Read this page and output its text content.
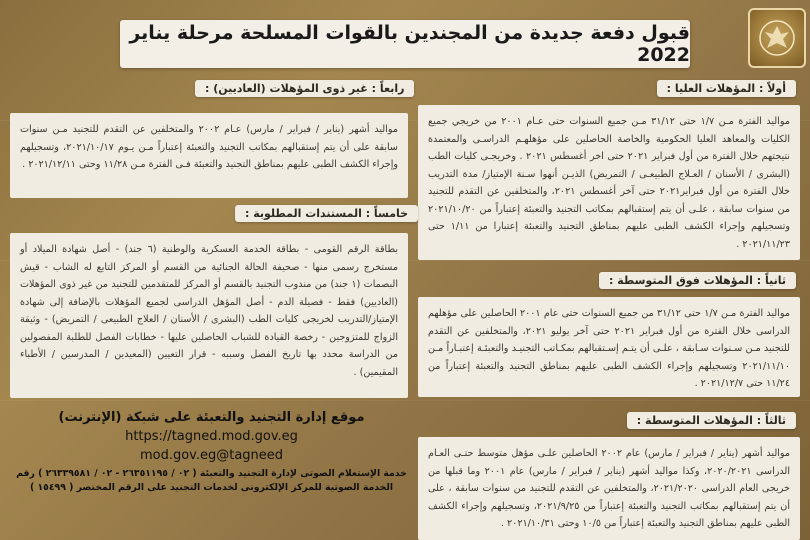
قبول دفعة جديدة من المجندين بالقوات المسلحة مرحلة يناير 2022
أولاً : المؤهلات العليا :
مواليد الفترة مـن ١/٧ حتى ٣١/١٢ مـن جميع السنوات حتى عـام ٢٠٠١ من خريجي جميع الكليات والمعاهد العليا الحكومية والخاصة الحاصلين على مؤهلهـم الدراسـى والمعتمدة نتيجتهم خلال الفترة من أول فبراير ٢٠٢١ حتى اخر أغسطس ٢٠٢١ . وخريجـى كليات الطب (البشرى / الأسنان / العـلاج الطبيعـى / التمريض) الذيـن أنهوا سـنة الإمتياز/ مدة التدريب خلال الفترة من أول فبراير٢٠٢١ حتى آخر أغسطس ٢٠٢١، والمتخلفين عن التقدم للتجنيد من سنوات سابقة ، علـى أن يتم إستقبالهم بمكاتب التجنيد والتعبئة إعتباراً من ٢٠٢١/١٠/٢٠ وتسجيلهم وإجراء الكشف الطبى عليهم بمناطق التجنيد والتعبئة إعتبارا من ١/١١ حتى ٢٠٢١/١١/٢٣ .
ثانياً : المؤهلات فوق المتوسطة :
مواليد الفترة مـن ١/٧ حتى ٣١/١٢ من جميع السنوات حتى عام ٢٠٠١ الحاصلين على مؤهلهم الدراسى خلال الفترة من أول فبراير ٢٠٢١ حتى آخر يوليو ٢٠٢١، والمتخلفين عن التقدم للتجنيد مـن سـنوات سـابقة ، علـى أن يتـم إسـتقبالهم بمكـاتب التجنيـد والتعبئـة إعتبـاراً مـن ٢٠٢١/١١/١٠ وتسجيلهم وإجراء الكشف الطبى عليهم بمناطق التجنيد والتعبئة إعتباراً من ١١/٢٤ حتى ٢٠٢١/١٢/٧ .
ثالثاً : المؤهلات المتوسطة :
مواليد أشهر (يناير / فبراير / مارس) عام ٢٠٠٢ الحاصلين علـى مؤهل متوسط حتـى العـام الدراسى ٢٠٢٠/٢٠٢١، وكذا مواليد أشهر (يناير / فبراير / مارس) عام ٢٠٠١ وما قبلها من خريجى العام الدراسى ٢٠٢١/٢٠٢٠، والمتخلفين عن التقدم للتجنيد من سنوات سابقة ، على أن يتم إستقبالهم بمكاتب التجنيد والتعبئة إعتباراً من ٢٠٢١/٩/٢٥، وتسجيلهم وإجراء الكشف الطبى عليهم بمناطق التجنيد والتعبئة إعتباراً من ١٠/٥ وحتى ٢٠٢١/١٠/٣١ .
رابعاً : غير ذوى المؤهلات (العاديين) :
مواليد أشهر (يناير / فبراير / مارس) عـام ٢٠٠٢ والمتخلفين عن التقدم للتجنيد مـن سنوات سابقة على أن يتم إستقبالهم بمكاتب التجنيد والتعبئة إعتباراً مـن يـوم ٢٠٢١/١٠/١٧، وتسجيلهم وإجراء الكشف الطبى عليهم بمناطق التجنيد والتعبئة فـى الفترة مـن ١١/٢٨ وحتى ٢٠٢١/١٢/١١ .
خامساً : المستندات المطلوبة :
بطاقة الرقم القومى - بطاقة الخدمة العسكرية والوطنية (٦ جند) - أصل شهادة الميلاد أو مستخرج رسمى منها - صحيفة الحالة الجنائية من القسم أو المركز التابع له الشاب - قيش البصمات (١ جند) من مندوب التجنيد بالقسم أو المركز للمتقدمين للتجنيد من غير ذوى المؤهلات (العاديين) فقط - فصيلة الدم - أصل المؤهل الدراسى لجميع المؤهلات بالإضافة إلى شهادة الإمتياز/التدريب لخريجى كليات الطب (البشرى / الأسنان / العلاج الطبيعى / التمريض) - وثيقة الزواج للمتزوجين - رخصة القيادة للشباب الحاصلين عليها - خطابات الفصل للطلبة المفصولين من الدراسة محدد بها تاريخ الفصل وسببه - قرار التعيين (المعيدين / المدرسين / الأطباء المقيمين) .
موقع إدارة التجنيد والتعبئة على شبكة (الإنترنت)
https://tagned.mod.gov.eg
mod.gov.eg@tagneed
خدمة الإستعلام الصوتى لإدارة التجنيد والتعبئة ( ٠٢ / ٢٦٣٥١١٩٥ - ٠٢ / ٢٦٣٣٩٥٨١ ) رقم الخدمة الصوتية للمركز الإلكترونى لخدمات التجنيد على الرقم المختصر ( ١٥٤٩٩ )
